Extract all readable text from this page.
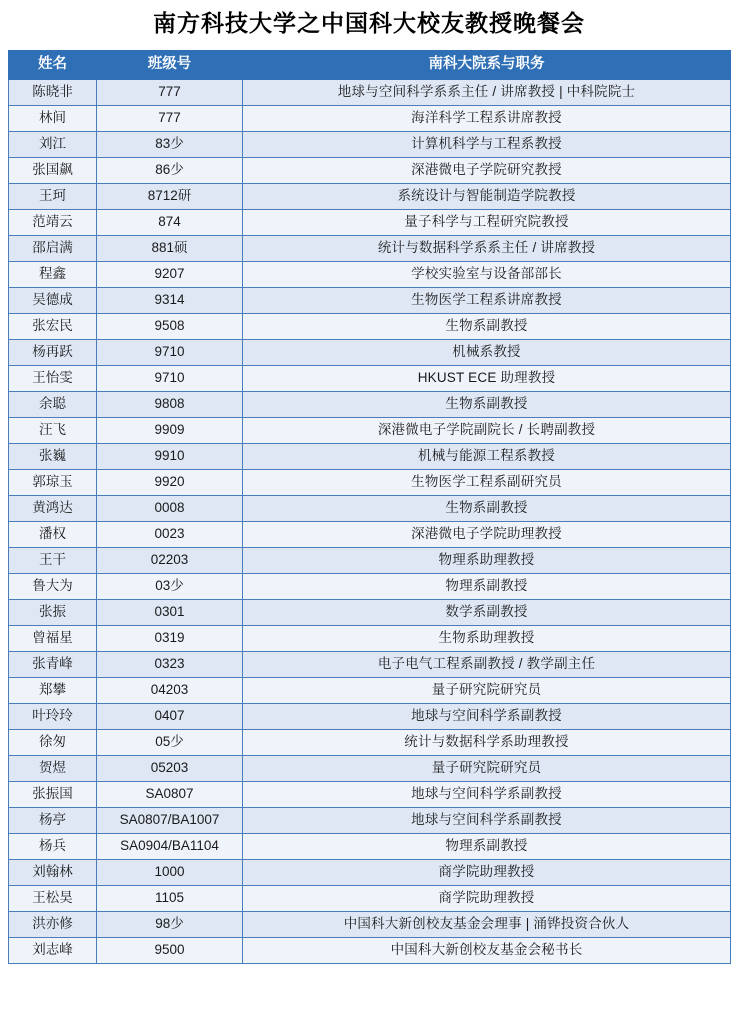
南方科技大学之中国科大校友教授晚餐会
姓名	班级号	南科大院系与职务
陈晓非	777	地球与空间科学系系主任 / 讲席教授 | 中科院院士
林间	777	海洋科学工程系讲席教授
刘江	83少	计算机科学与工程系教授
张国飙	86少	深港微电子学院研究教授
王珂	8712研	系统设计与智能制造学院教授
范靖云	874	量子科学与工程研究院教授
邵启满	881硕	统计与数据科学系系主任 / 讲席教授
程鑫	9207	学校实验室与设备部部长
吴德成	9314	生物医学工程系讲席教授
张宏民	9508	生物系副教授
杨再跃	9710	机械系教授
王怡雯	9710	HKUST ECE 助理教授
余聪	9808	生物系副教授
汪飞	9909	深港微电子学院副院长 / 长聘副教授
张巍	9910	机械与能源工程系教授
郭琼玉	9920	生物医学工程系副研究员
黄鸿达	0008	生物系副教授
潘权	0023	深港微电子学院助理教授
王干	02203	物理系助理教授
鲁大为	03少	物理系副教授
张振	0301	数学系副教授
曾福星	0319	生物系助理教授
张青峰	0323	电子电气工程系副教授 / 教学副主任
郑攀	04203	量子研究院研究员
叶玲玲	0407	地球与空间科学系副教授
徐匆	05少	统计与数据科学系助理教授
贺煜	05203	量子研究院研究员
张振国	SA0807	地球与空间科学系副教授
杨亭	SA0807/BA1007	地球与空间科学系副教授
杨兵	SA0904/BA1104	物理系副教授
刘翰林	1000	商学院助理教授
王松昊	1105	商学院助理教授
洪亦修	98少	中国科大新创校友基金会理事 | 涌铧投资合伙人
刘志峰	9500	中国科大新创校友基金会秘书长
